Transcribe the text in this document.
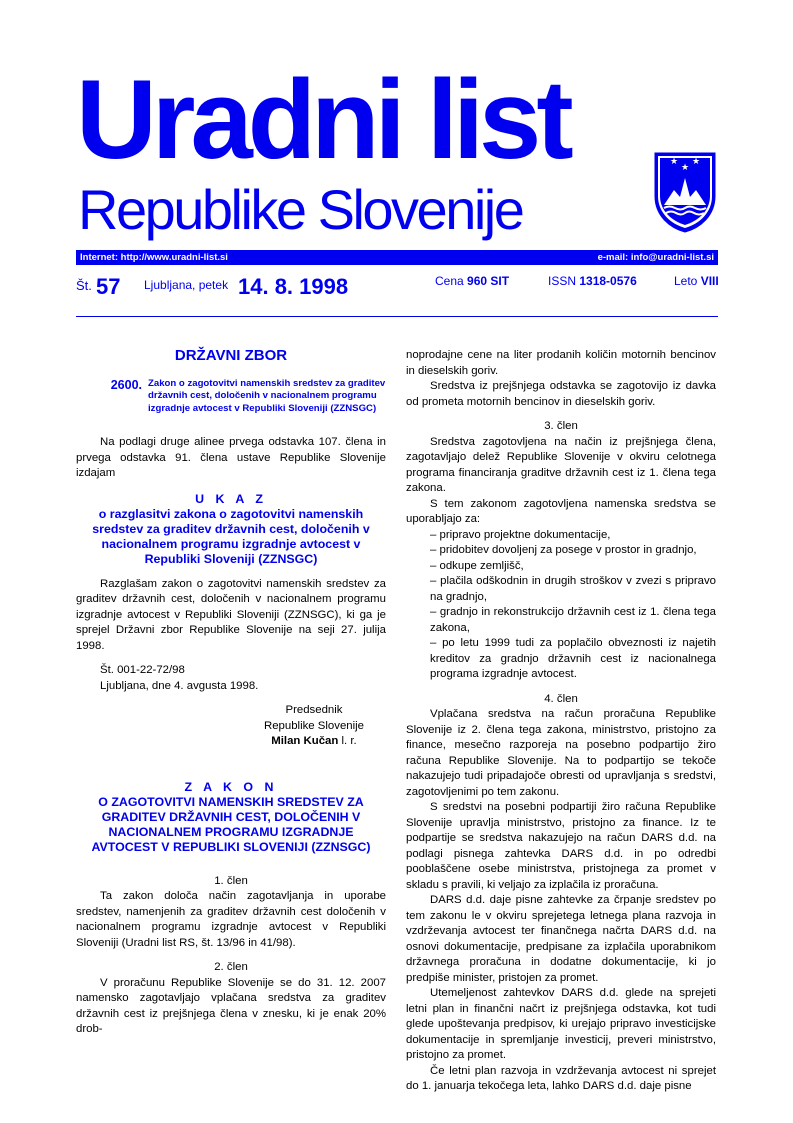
Uradni list
Republike Slovenije
★
★ ★
Internet: http://www.uradni-list.si	e-mail: info@uradni-list.si
Št. 57 Ljubljana, petek 14. 8. 1998	Cena 960 SIT	ISSN 1318-0576	Leto VIII
DRŽAVNI ZBOR
2600. Zakon o zagotovitvi namenskih sredstev za graditev državnih cest, določenih v nacionalnem programu izgradnje avtocest v Republiki Sloveniji (ZZNSGC)

Na podlagi druge alinee prvega odstavka 107. člena in prvega odstavka 91. člena ustave Republike Slovenije izdajam

U K A Z
o razglasitvi zakona o zagotovitvi namenskih sredstev za graditev državnih cest, določenih v nacionalnem programu izgradnje avtocest v Republiki Sloveniji (ZZNSGC)

Razglašam zakon o zagotovitvi namenskih sredstev za graditev državnih cest, določenih v nacionalnem programu izgradnje avtocest v Republiki Sloveniji (ZZNSGC), ki ga je sprejel Državni zbor Republike Slovenije na seji 27. julija 1998.

Št. 001-22-72/98

Ljubljana, dne 4. avgusta 1998.

Predsednik
Republike Slovenije
Milan Kučan l. r.
Z A K O N
O ZAGOTOVITVI NAMENSKIH SREDSTEV ZA GRADITEV DRŽAVNIH CEST, DOLOČENIH V NACIONALNEM PROGRAMU IZGRADNJE AVTOCEST V REPUBLIKI SLOVENIJI (ZZNSGC)

1. člen

Ta zakon določa način zagotavljanja in uporabe sredstev, namenjenih za graditev državnih cest določenih v nacionalnem programu izgradnje avtocest v Republiki Sloveniji (Uradni list RS, št. 13/96 in 41/98).

2. člen

V proračunu Republike Slovenije se do 31. 12. 2007 namensko zagotavljajo vplačana sredstva za graditev državnih cest iz prejšnjega člena v znesku, ki je enak 20% drob-

noprodajne cene na liter prodanih količin motornih bencinov in dieselskih goriv.

Sredstva iz prejšnjega odstavka se zagotovijo iz davka od prometa motornih bencinov in dieselskih goriv.

3. člen

Sredstva zagotovljena na način iz prejšnjega člena, zagotavljajo delež Republike Slovenije v okviru celotnega programa financiranja graditve državnih cest iz 1. člena tega zakona.

S tem zakonom zagotovljena namenska sredstva se uporabljajo za:

– pripravo projektne dokumentacije,

– pridobitev dovoljenj za posege v prostor in gradnjo,

– odkupe zemljišč,

– plačila odškodnin in drugih stroškov v zvezi s pripravo na gradnjo,

– gradnjo in rekonstrukcijo državnih cest iz 1. člena tega zakona,

– po letu 1999 tudi za poplačilo obveznosti iz najetih kreditov za gradnjo državnih cest iz nacionalnega programa izgradnje avtocest.

4. člen

Vplačana sredstva na račun proračuna Republike Slovenije iz 2. člena tega zakona, ministrstvo, pristojno za finance, mesečno razporeja na posebno podpartijo žiro računa Republike Slovenije. Na to podpartijo se tekoče nakazujejo tudi pripadajoče obresti od upravljanja s sredstvi, zagotovljenimi po tem zakonu.

S sredstvi na posebni podpartiji žiro računa Republike Slovenije upravlja ministrstvo, pristojno za finance. Iz te podpartije se sredstva nakazujejo na račun DARS d.d. na podlagi pisnega zahtevka DARS d.d. in po odredbi pooblaščene osebe ministrstva, pristojnega za promet v skladu s pravili, ki veljajo za izplačila iz proračuna.

DARS d.d. daje pisne zahtevke za črpanje sredstev po tem zakonu le v okviru sprejetega letnega plana razvoja in vzdrževanja avtocest ter finančnega načrta DARS d.d. na osnovi dokumentacije, predpisane za izplačila uporabnikom državnega proračuna in dodatne dokumentacije, ki jo predpiše minister, pristojen za promet.

Utemeljenost zahtevkov DARS d.d. glede na sprejeti letni plan in finančni načrt iz prejšnjega odstavka, kot tudi glede upoštevanja predpisov, ki urejajo pripravo investicijske dokumentacije in spremljanje investicij, preveri ministrstvo, pristojno za promet.

Če letni plan razvoja in vzdrževanja avtocest ni sprejet do 1. januarja tekočega leta, lahko DARS d.d. daje pisne
